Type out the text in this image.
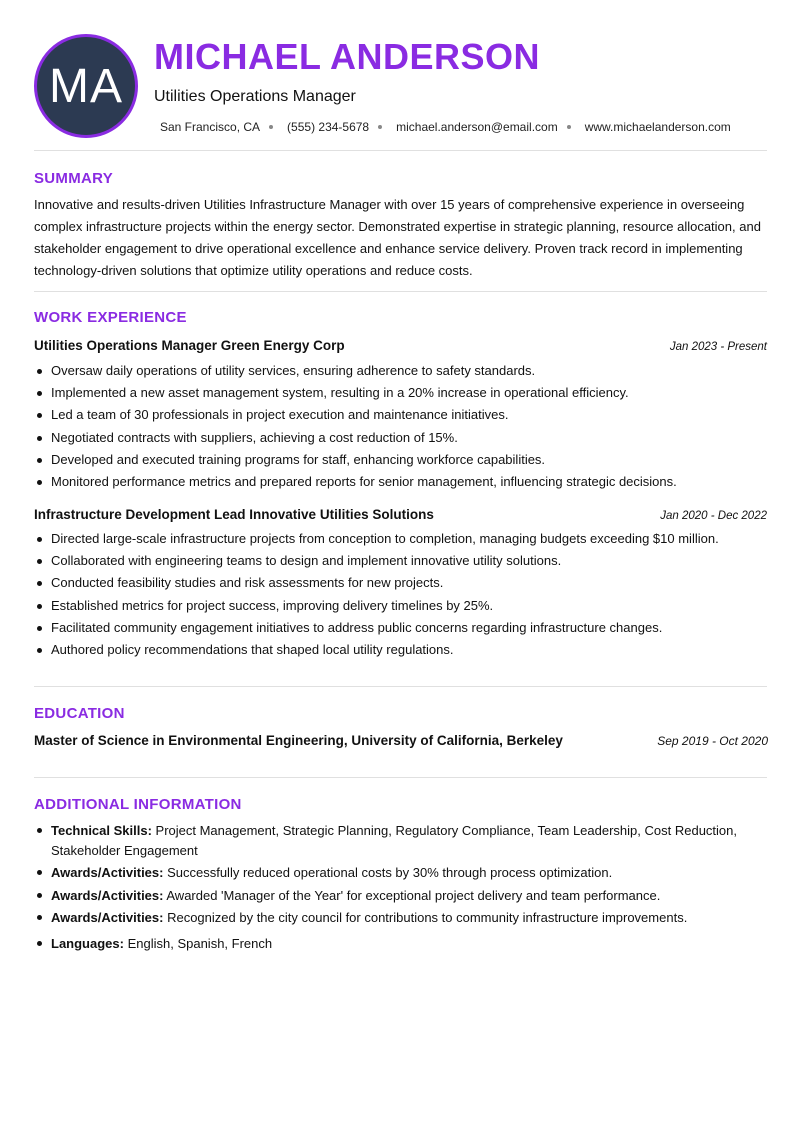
MA
MICHAEL ANDERSON
Utilities Operations Manager
San Francisco, CA (555) 234-5678 michael.anderson@email.com www.michaelanderson.com
SUMMARY
Innovative and results-driven Utilities Infrastructure Manager with over 15 years of comprehensive experience in overseeing complex infrastructure projects within the energy sector. Demonstrated expertise in strategic planning, resource allocation, and stakeholder engagement to drive operational excellence and enhance service delivery. Proven track record in implementing technology-driven solutions that optimize utility operations and reduce costs.
WORK EXPERIENCE
Utilities Operations Manager Green Energy Corp	Jan 2023 - Present
Oversaw daily operations of utility services, ensuring adherence to safety standards.
Implemented a new asset management system, resulting in a 20% increase in operational efficiency.
Led a team of 30 professionals in project execution and maintenance initiatives.
Negotiated contracts with suppliers, achieving a cost reduction of 15%.
Developed and executed training programs for staff, enhancing workforce capabilities.
Monitored performance metrics and prepared reports for senior management, influencing strategic decisions.
Infrastructure Development Lead Innovative Utilities Solutions	Jan 2020 - Dec 2022
Directed large-scale infrastructure projects from conception to completion, managing budgets exceeding $10 million.
Collaborated with engineering teams to design and implement innovative utility solutions.
Conducted feasibility studies and risk assessments for new projects.
Established metrics for project success, improving delivery timelines by 25%.
Facilitated community engagement initiatives to address public concerns regarding infrastructure changes.
Authored policy recommendations that shaped local utility regulations.
EDUCATION
Master of Science in Environmental Engineering, University of California, Berkeley	Sep 2019 - Oct 2020
ADDITIONAL INFORMATION
Technical Skills: Project Management, Strategic Planning, Regulatory Compliance, Team Leadership, Cost Reduction, Stakeholder Engagement
Awards/Activities: Successfully reduced operational costs by 30% through process optimization.
Awards/Activities: Awarded 'Manager of the Year' for exceptional project delivery and team performance.
Awards/Activities: Recognized by the city council for contributions to community infrastructure improvements.
Languages: English, Spanish, French
